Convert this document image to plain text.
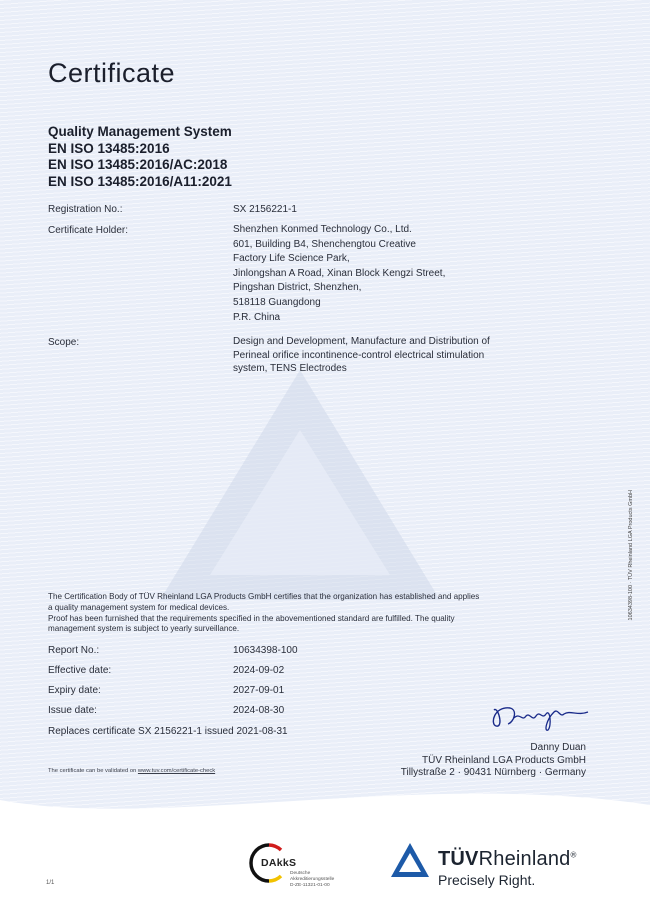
Certificate
Quality Management System
EN ISO 13485:2016
EN ISO 13485:2016/AC:2018
EN ISO 13485:2016/A11:2021
Registration No.:	SX 2156221-1
Certificate Holder:	Shenzhen Konmed Technology Co., Ltd.
601, Building B4, Shenchengtou Creative
Factory Life Science Park,
Jinlongshan A Road, Xinan Block Kengzi Street,
Pingshan District, Shenzhen,
518118 Guangdong
P.R. China
Scope:	Design and Development, Manufacture and Distribution of
Perineal orifice incontinence-control electrical stimulation
system, TENS Electrodes
The Certification Body of TÜV Rheinland LGA Products GmbH certifies that the organization has established and applies
a quality management system for medical devices.
Proof has been furnished that the requirements specified in the abovementioned standard are fulfilled. The quality
management system is subject to yearly surveillance.
Report No.:	10634398-100
Effective date:	2024-09-02
Expiry date:	2027-09-01
Issue date:	2024-08-30
Replaces certificate SX 2156221-1 issued 2021-08-31
The certificate can be validated on www.tuv.com/certificate-check
Danny Duan
TÜV Rheinland LGA Products GmbH
Tillystraße 2 · 90431 Nürnberg · Germany
10634398-100 · TÜV Rheinland LGA Products GmbH
1/1
DAkkS
Deutsche
Akkreditierungsstelle
D-ZE-11321-01-00
TÜVRheinland®
Precisely Right.
